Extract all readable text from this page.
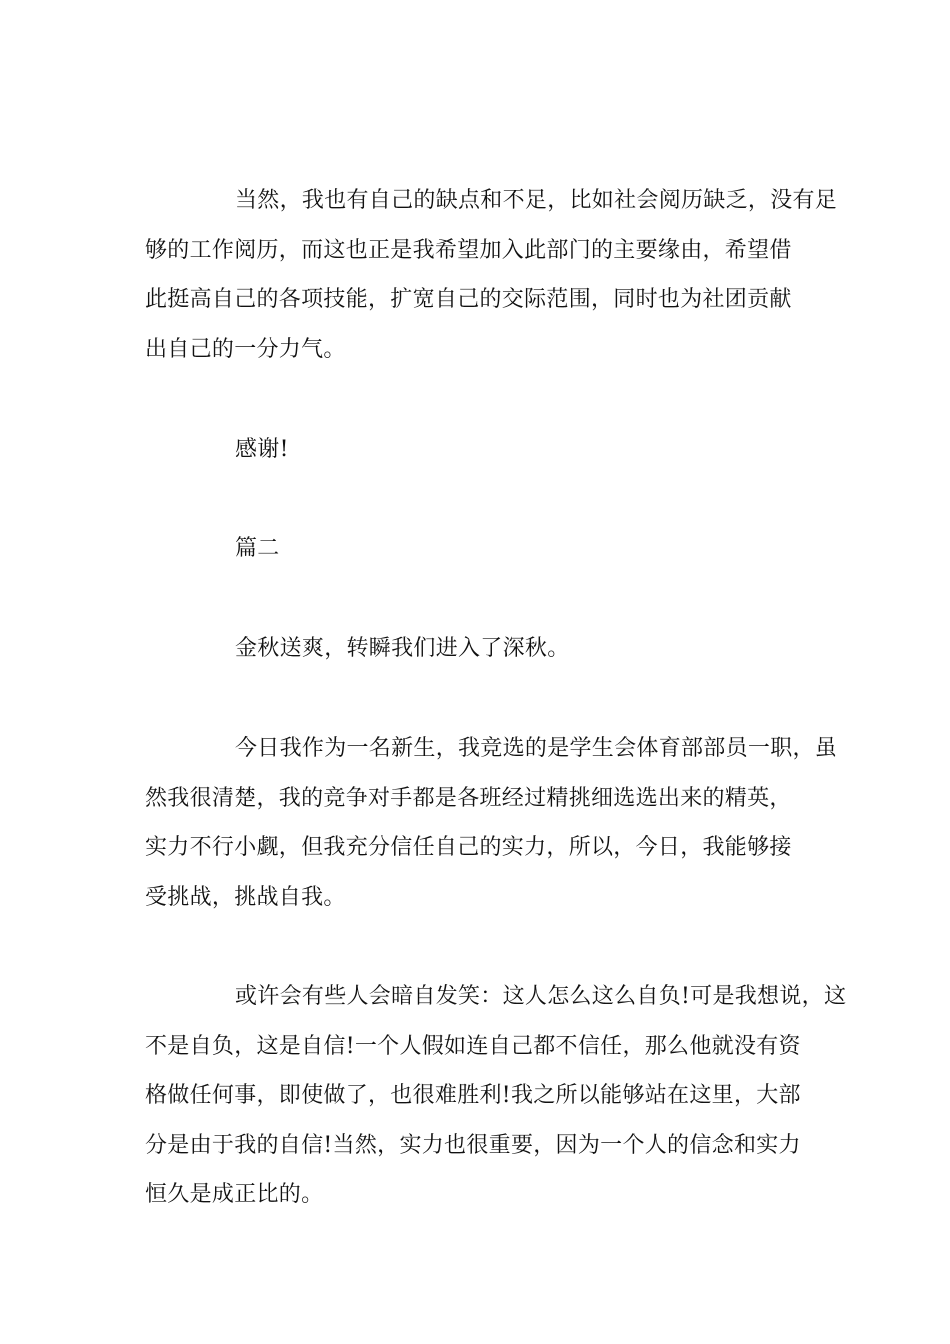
当然，我也有自己的缺点和不足，比如社会阅历缺乏，没有足
够的工作阅历，而这也正是我希望加入此部门的主要缘由，希望借
此挺高自己的各项技能，扩宽自己的交际范围，同时也为社团贡献
出自己的一分力气。
感谢!
篇二
金秋送爽，转瞬我们进入了深秋。
今日我作为一名新生，我竞选的是学生会体育部部员一职，虽
然我很清楚，我的竞争对手都是各班经过精挑细选选出来的精英，
实力不行小觑，但我充分信任自己的实力，所以，今日，我能够接
受挑战，挑战自我。
或许会有些人会暗自发笑：这人怎么这么自负!可是我想说，这
不是自负，这是自信!一个人假如连自己都不信任，那么他就没有资
格做任何事，即使做了，也很难胜利!我之所以能够站在这里，大部
分是由于我的自信!当然，实力也很重要，因为一个人的信念和实力
恒久是成正比的。
